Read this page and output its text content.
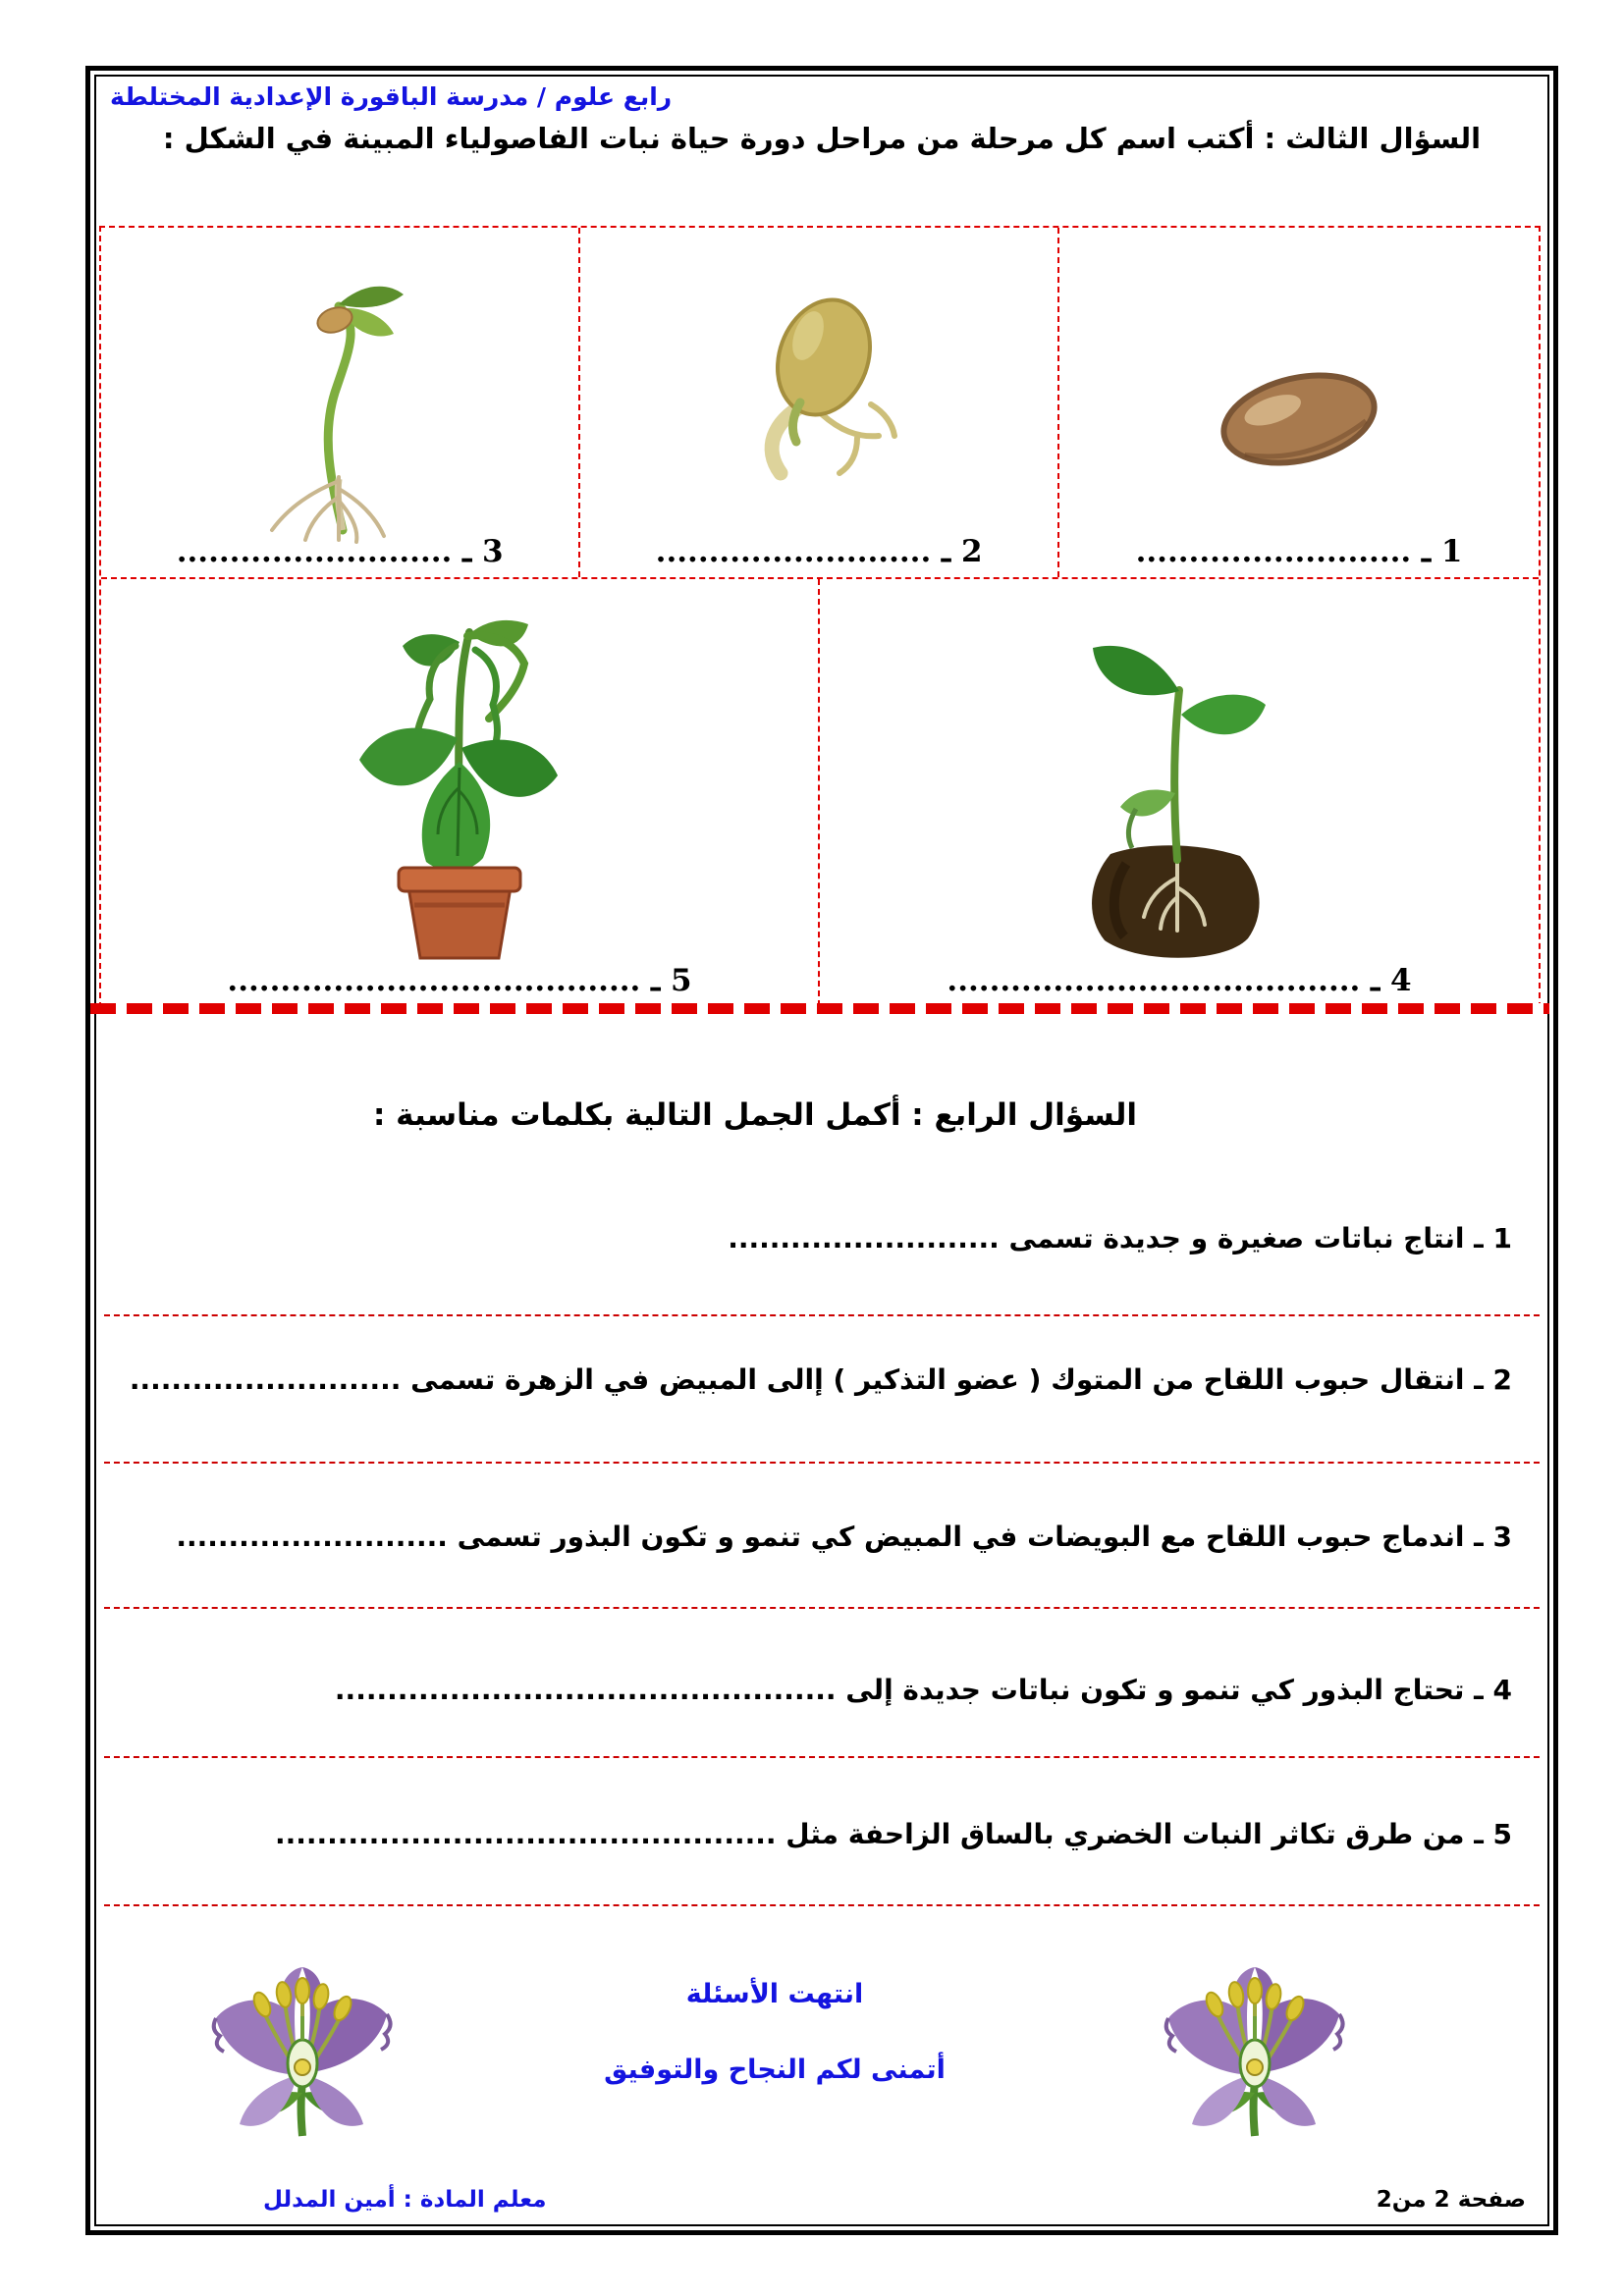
رابع علوم / مدرسة الباقورة الإعدادية المختلطة
السؤال الثالث : أكتب اسم كل مرحلة من مراحل دورة حياة نبات الفاصولياء المبينة في الشكل :
1 ـ ..........................
2 ـ ..........................
3 ـ ..........................
4 ـ .......................................
5 ـ .......................................
السؤال الرابع : أكمل الجمل التالية بكلمات مناسبة :
1 ـ انتاج نباتات صغيرة و جديدة تسمى ..........................
2 ـ انتقال حبوب اللقاح من المتوك ( عضو التذكير ) إالى المبيض في الزهرة تسمى ..........................
3 ـ اندماج حبوب اللقاح مع البويضات في المبيض كي تنمو و تكون البذور تسمى ..........................
4 ـ تحتاج البذور كي تنمو و تكون نباتات جديدة إلى ................................................
5 ـ من طرق تكاثر النبات الخضري بالساق الزاحفة مثل ................................................
انتهت الأسئلة
أتمنى لكم النجاح والتوفيق
صفحة 2 من2
معلم المادة : أمين المدلل
